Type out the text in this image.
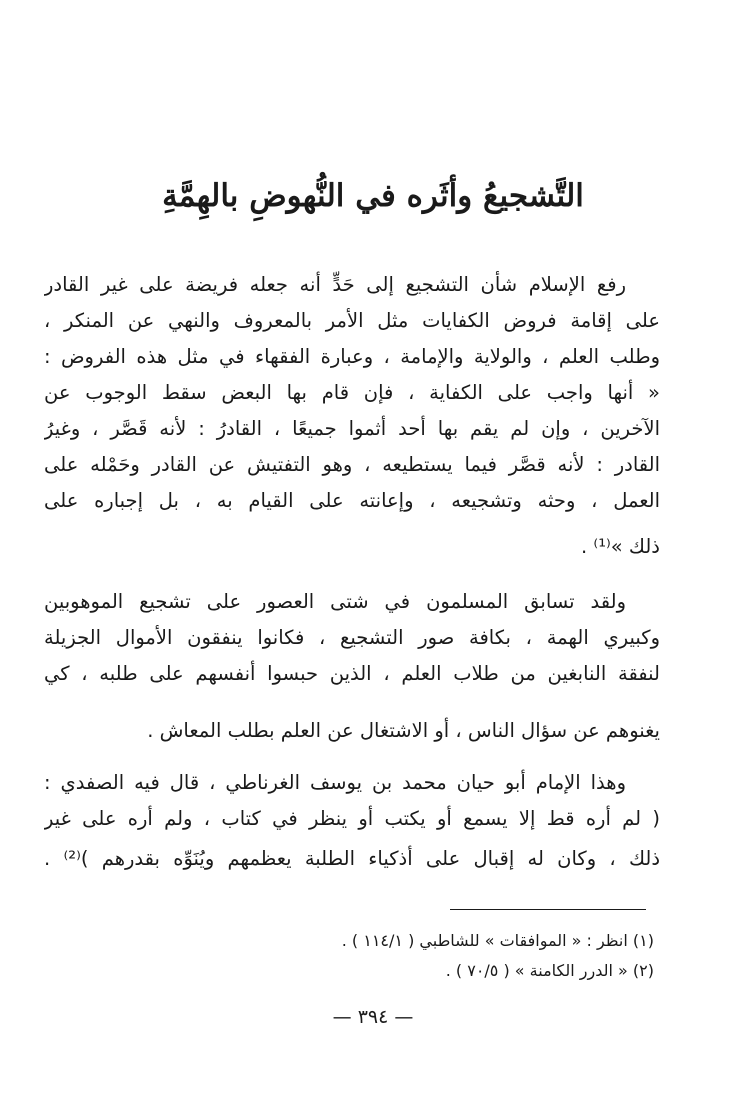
التَّشجيعُ وأثَره في النُّهوضِ بالهِمَّةِ
رفع الإسلام شأن التشجيع إلى حَدٍّ أنه جعله فريضة على غير القادر
على إقامة فروض الكفايات مثل الأمر بالمعروف والنهي عن المنكر ،
وطلب العلم ، والولاية والإمامة ، وعبارة الفقهاء في مثل هذه الفروض :
« أنها واجب على الكفاية ، فإن قام بها البعض سقط الوجوب عن
الآخرين ، وإن لم يقم بها أحد أثموا جميعًا ، القادرُ : لأنه قَصَّر ، وغيرُ
القادر : لأنه قصَّر فيما يستطيعه ، وهو التفتيش عن القادر وحَمْله على
العمل ، وحثه وتشجيعه ، وإعانته على القيام به ، بل إجباره على
ذلك »⁽¹⁾ .
ولقد تسابق المسلمون في شتى العصور على تشجيع الموهوبين
وكبيري الهمة ، بكافة صور التشجيع ، فكانوا ينفقون الأموال الجزيلة
لنفقة النابغين من طلاب العلم ، الذين حبسوا أنفسهم على طلبه ، كي
يغنوهم عن سؤال الناس ، أو الاشتغال عن العلم بطلب المعاش .
وهذا الإمام أبو حيان محمد بن يوسف الغرناطي ، قال فيه الصفدي :
( لم أره قط إلا يسمع أو يكتب أو ينظر في كتاب ، ولم أره على غير
ذلك ، وكان له إقبال على أذكياء الطلبة يعظمهم ويُنَوِّه بقدرهم )⁽²⁾ .
(١) انظر : « الموافقات » للشاطبي ( ١١٤/١ ) .
(٢) « الدرر الكامنة » ( ٧٠/٥ ) .
— ٣٩٤ —
